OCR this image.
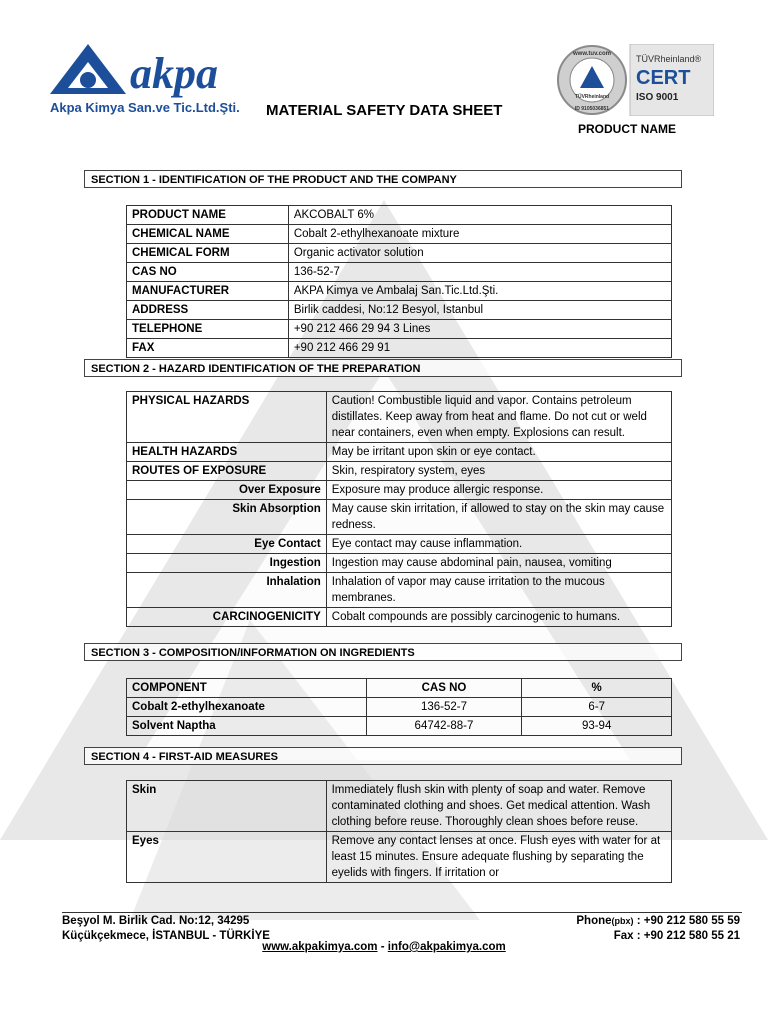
akpa
Akpa Kimya San.ve Tic.Ltd.Şti. MATERIAL SAFETY DATA SHEET
www.tuv.com
TÜVRheinland
ID 9105036851
TÜVRheinland®
CERT
ISO 9001
PRODUCT NAME
SECTION 1 - IDENTIFICATION OF THE PRODUCT AND THE COMPANY
PRODUCT NAME	AKCOBALT 6%
CHEMICAL NAME	Cobalt 2-ethylhexanoate mixture
CHEMICAL FORM	Organic activator solution
CAS NO	136-52-7
MANUFACTURER	AKPA Kimya ve Ambalaj San.Tic.Ltd.Şti.
ADDRESS	Birlik caddesi, No:12 Besyol, Istanbul
TELEPHONE	+90 212 466 29 94 3 Lines
FAX	+90 212 466 29 91
SECTION 2 - HAZARD IDENTIFICATION OF THE PREPARATION
PHYSICAL HAZARDS	Caution! Combustible liquid and vapor. Contains petroleum distillates. Keep away from heat and flame. Do not cut or weld near containers, even when empty. Explosions can result.
HEALTH HAZARDS	May be irritant upon skin or eye contact.
ROUTES OF EXPOSURE	Skin, respiratory system, eyes
Over Exposure	Exposure may produce allergic response.
Skin Absorption	May cause skin irritation, if allowed to stay on the skin may cause redness.
Eye Contact	Eye contact may cause inflammation.
Ingestion	Ingestion may cause abdominal pain, nausea, vomiting
Inhalation	Inhalation of vapor may cause irritation to the mucous membranes.
CARCINOGENICITY	Cobalt compounds are possibly carcinogenic to humans.
SECTION 3 - COMPOSITION/INFORMATION ON INGREDIENTS
COMPONENT	CAS NO	%
Cobalt 2-ethylhexanoate	136-52-7	6-7
Solvent Naptha	64742-88-7	93-94
SECTION 4 - FIRST-AID MEASURES
Skin	Immediately flush skin with plenty of soap and water. Remove contaminated clothing and shoes. Get medical attention. Wash clothing before reuse. Thoroughly clean shoes before reuse.
Eyes	Remove any contact lenses at once. Flush eyes with water for at least 15 minutes. Ensure adequate flushing by separating the eyelids with fingers. If irritation or
Beşyol M. Birlik Cad. No:12, 34295
Küçükçekmece, İSTANBUL - TÜRKİYE
Phone(pbx) : +90 212 580 55 59
Fax : +90 212 580 55 21
www.akpakimya.com - info@akpakimya.com
